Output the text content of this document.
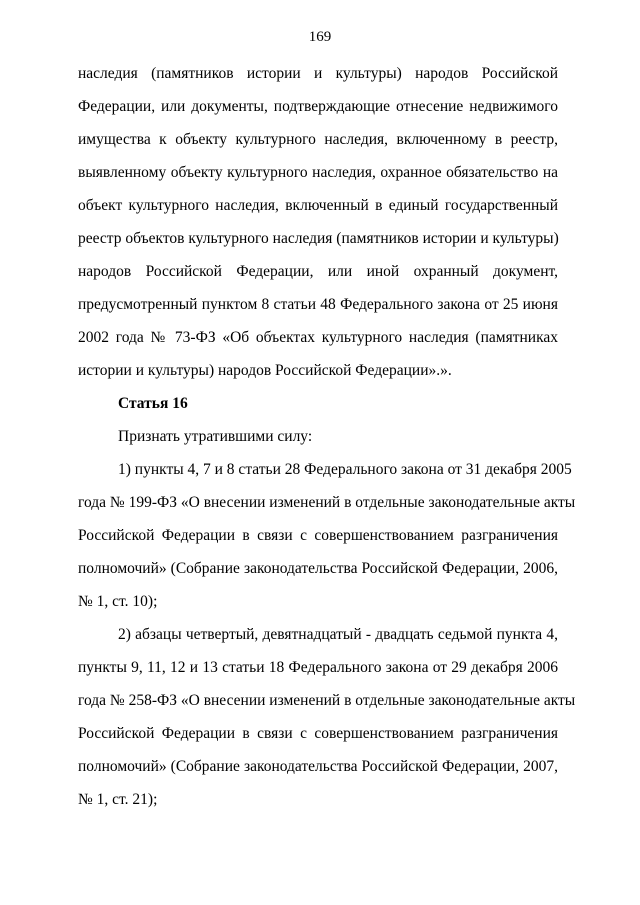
169
наследия (памятников истории и культуры) народов Российской
Федерации, или документы, подтверждающие отнесение недвижимого
имущества к объекту культурного наследия, включенному в реестр,
выявленному объекту культурного наследия, охранное обязательство на
объект культурного наследия, включенный в единый государственный
реестр объектов культурного наследия (памятников истории и культуры)
народов Российской Федерации, или иной охранный документ,
предусмотренный пунктом 8 статьи 48 Федерального закона от 25 июня
2002 года № 73-ФЗ «Об объектах культурного наследия (памятниках
истории и культуры) народов Российской Федерации».».
Статья 16
Признать утратившими силу:
1) пункты 4, 7 и 8 статьи 28 Федерального закона от 31 декабря 2005
года № 199-ФЗ «О внесении изменений в отдельные законодательные акты
Российской Федерации в связи с совершенствованием разграничения
полномочий» (Собрание законодательства Российской Федерации, 2006,
№ 1, ст. 10);
2) абзацы четвертый, девятнадцатый - двадцать седьмой пункта 4,
пункты 9, 11, 12 и 13 статьи 18 Федерального закона от 29 декабря 2006
года № 258-ФЗ «О внесении изменений в отдельные законодательные акты
Российской Федерации в связи с совершенствованием разграничения
полномочий» (Собрание законодательства Российской Федерации, 2007,
№ 1, ст. 21);
